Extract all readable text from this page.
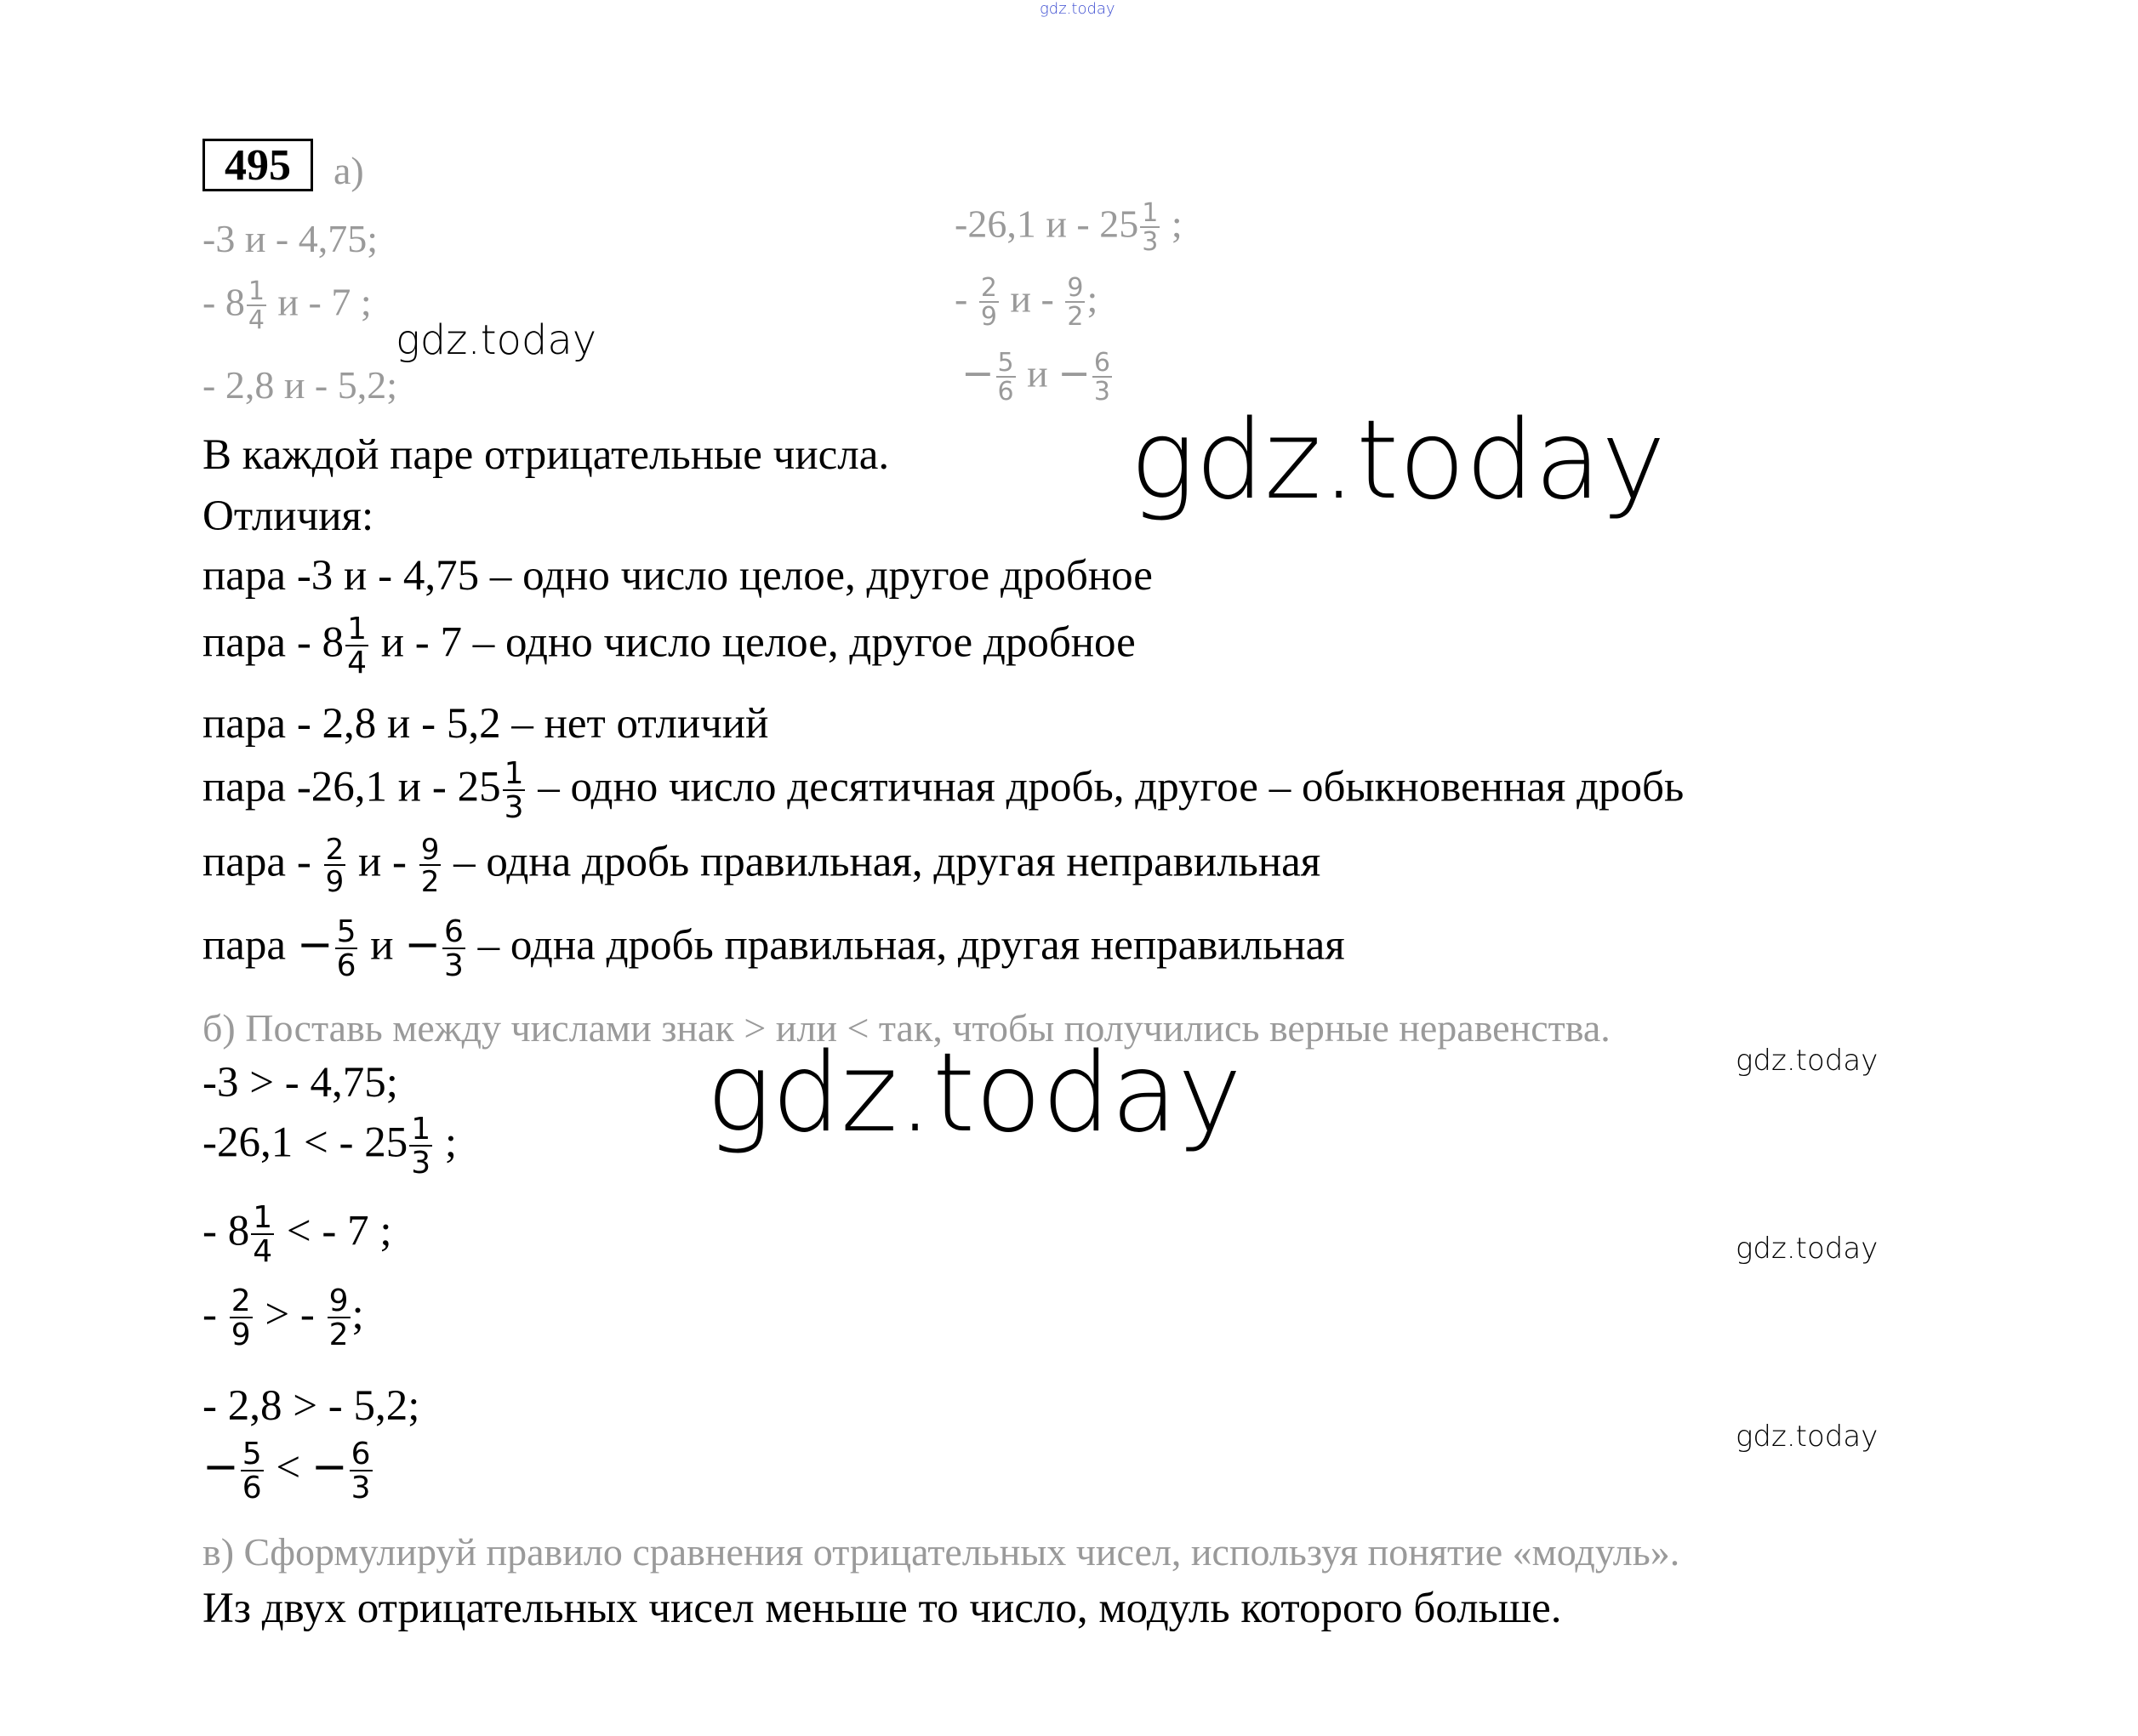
gdz.today
gdz.today
gdz.today
gdz.today	gdz.today
gdz.today
gdz.today
495	а)
-3 и - 4,75;
- $8 \frac{1}{4}$ и - 7 ;
- 2,8 и - 5,2;
-26,1 и - $25 \frac{1}{3}$ ;
- $\frac{2}{9}$ и - $\frac{9}{2}$ ;
− $\frac{5}{6}$ $и - \frac{6}{3}$
В каждой паре отрицательные числа.
Отличия:
пара -3 и - 4,75 – одно число целое, другое дробное
пара - $8 \frac{1}{4}$ и - 7 – одно число целое, другое дробное
пара - 2,8 и - 5,2 – нет отличий
пара -26,1 и - $25 \frac{1}{3}$ – одно число десятичная дробь, другое – обыкновенная дробь
пара - $\frac{2}{9}$ и - $\frac{9}{2}$ – одна дробь правильная, другая неправильная
пара − $\frac{5}{6}$ $и - \frac{6}{3}$ – одна дробь правильная, другая неправильная
б) Поставь между числами знак > или < так, чтобы получились верные неравенства.
-3 > - 4,75;
-26,1 < - $25 \frac{1}{3}$ ;
- $8 \frac{1}{4}$ < - 7 ;
- $\frac{2}{9}$ > - $\frac{9}{2}$ ;
- 2,8 > - 5,2;
− $\frac{5}{6}$ < − $\frac{6}{3}$
в) Сформулируй правило сравнения отрицательных чисел, используя понятие «модуль».
Из двух отрицательных чисел меньше то число, модуль которого больше.
